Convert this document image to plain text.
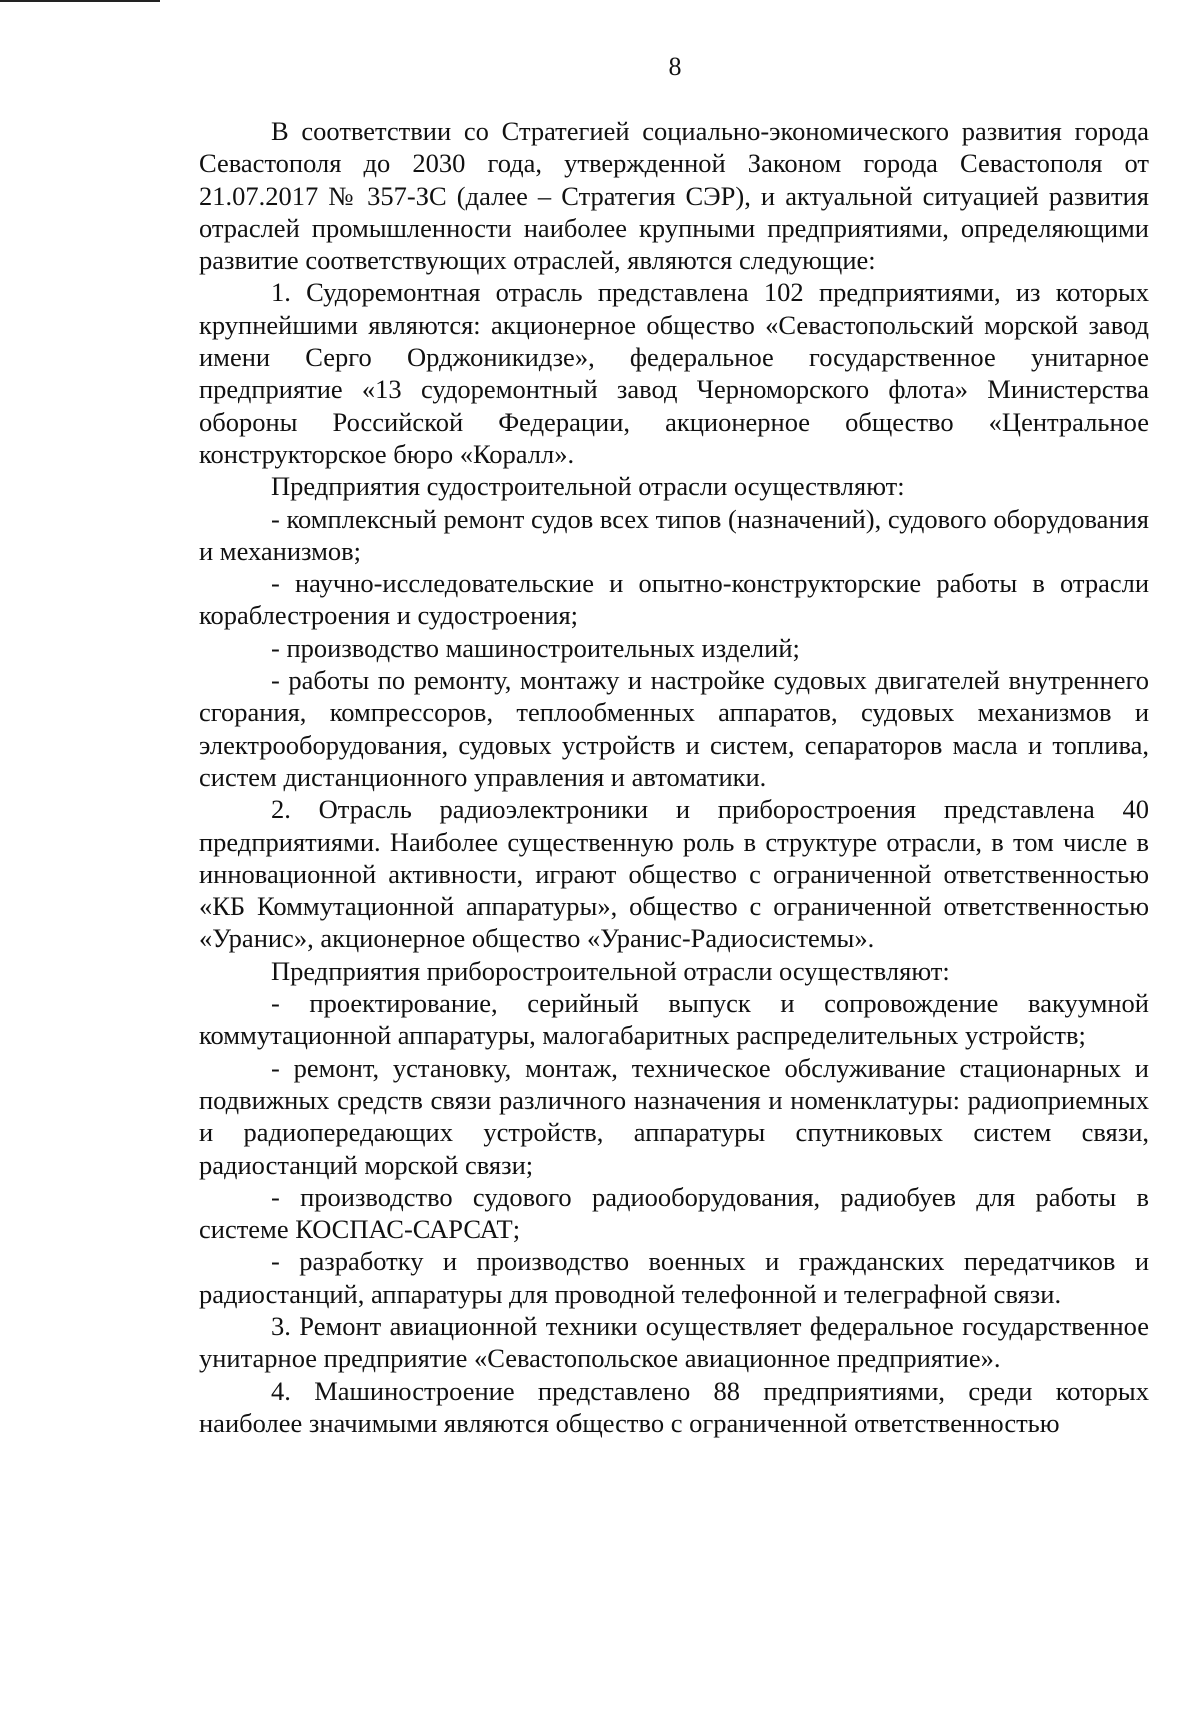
8

В соответствии со Стратегией социально-экономического развития города Севастополя до 2030 года, утвержденной Законом города Севастополя от 21.07.2017 № 357-ЗС (далее – Стратегия СЭР), и актуальной ситуацией развития отраслей промышленности наиболее крупными предприятиями, определяющими развитие соответствующих отраслей, являются следующие:

1. Судоремонтная отрасль представлена 102 предприятиями, из которых крупнейшими являются: акционерное общество «Севастопольский морской завод имени Серго Орджоникидзе», федеральное государственное унитарное предприятие «13 судоремонтный завод Черноморского флота» Министерства обороны Российской Федерации, акционерное общество «Центральное конструкторское бюро «Коралл».

Предприятия судостроительной отрасли осуществляют:

- комплексный ремонт судов всех типов (назначений), судового оборудования и механизмов;

- научно-исследовательские и опытно-конструкторские работы в отрасли кораблестроения и судостроения;

- производство машиностроительных изделий;

- работы по ремонту, монтажу и настройке судовых двигателей внутреннего сгорания, компрессоров, теплообменных аппаратов, судовых механизмов и электрооборудования, судовых устройств и систем, сепараторов масла и топлива, систем дистанционного управления и автоматики.

2. Отрасль радиоэлектроники и приборостроения представлена 40 предприятиями. Наиболее существенную роль в структуре отрасли, в том числе в инновационной активности, играют общество с ограниченной ответственностью «КБ Коммутационной аппаратуры», общество с ограниченной ответственностью «Уранис», акционерное общество «Уранис-Радиосистемы».

Предприятия приборостроительной отрасли осуществляют:

- проектирование, серийный выпуск и сопровождение вакуумной коммутационной аппаратуры, малогабаритных распределительных устройств;

- ремонт, установку, монтаж, техническое обслуживание стационарных и подвижных средств связи различного назначения и номенклатуры: радиоприемных и радиопередающих устройств, аппаратуры спутниковых систем связи, радиостанций морской связи;

- производство судового радиооборудования, радиобуев для работы в системе КОСПАС-САРСАТ;

- разработку и производство военных и гражданских передатчиков и радиостанций, аппаратуры для проводной телефонной и телеграфной связи.

3. Ремонт авиационной техники осуществляет федеральное государственное унитарное предприятие «Севастопольское авиационное предприятие».

4. Машиностроение представлено 88 предприятиями, среди которых наиболее значимыми являются общество с ограниченной ответственностью
